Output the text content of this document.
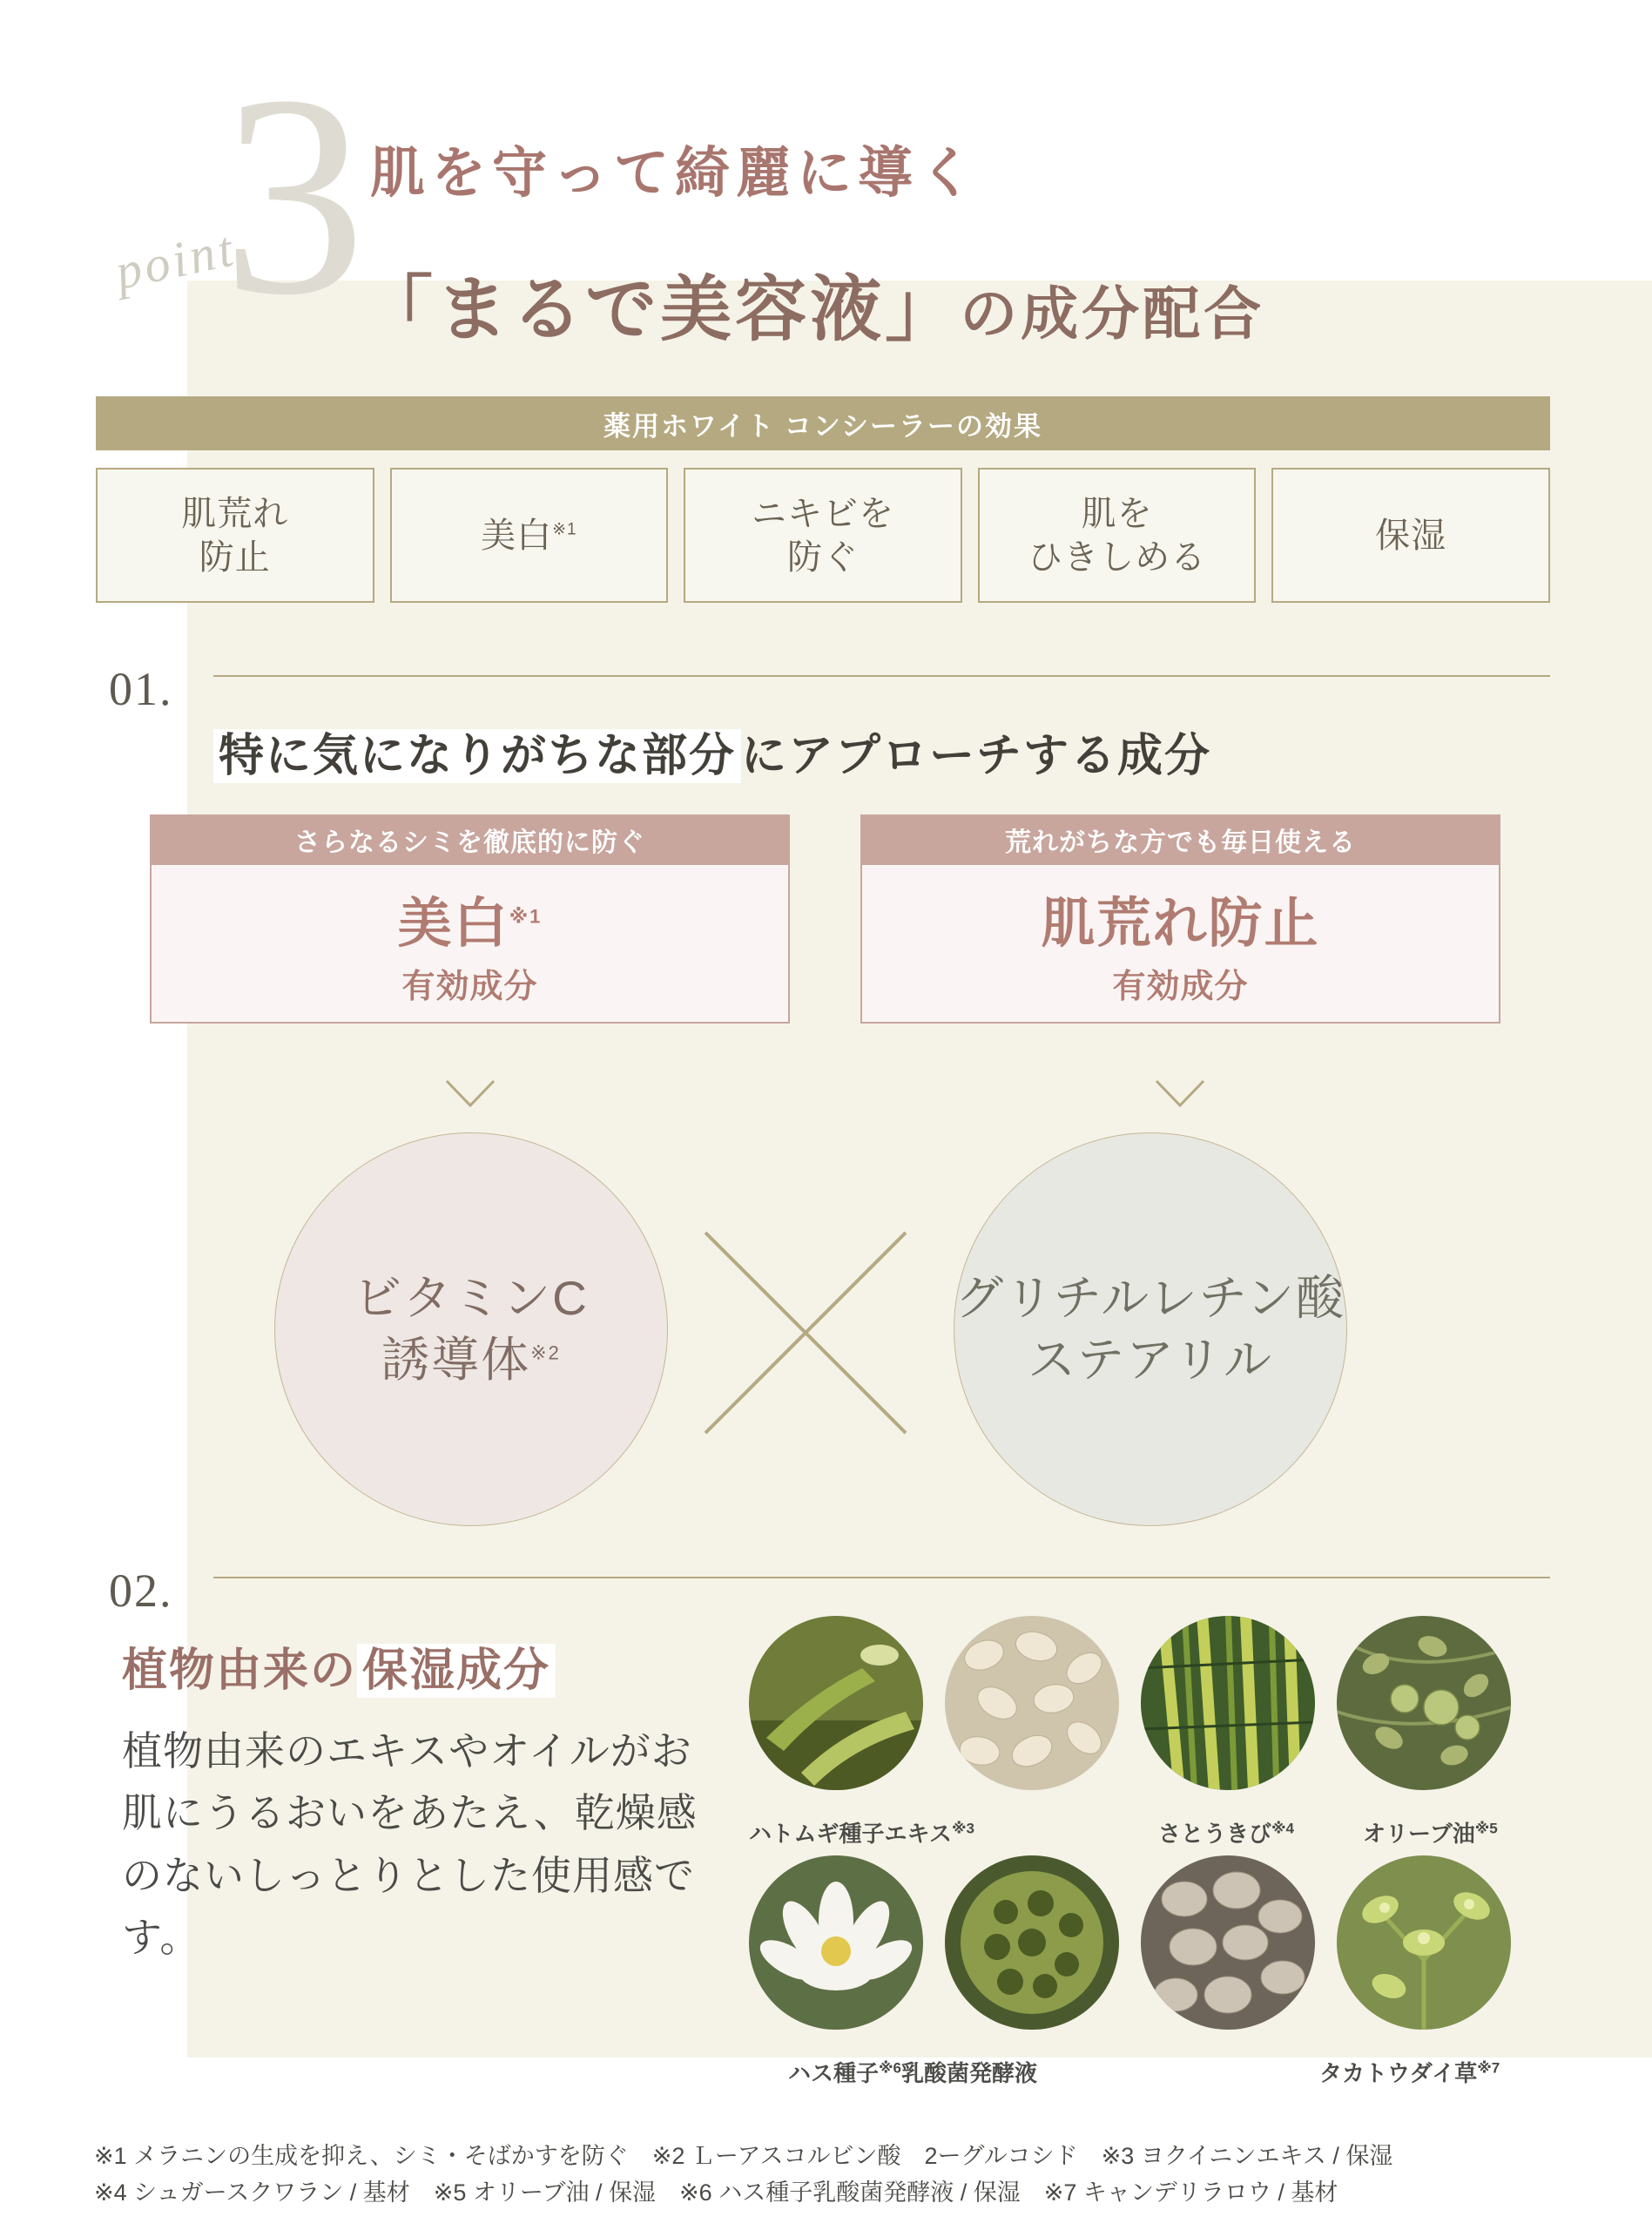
point
3 肌を守って綺麗に導く
「まるで美容液」の成分配合
薬用ホワイト コンシーラーの効果
肌荒れ
防止
美白$^{※1}$	ニキビを
防ぐ
肌を
ひきしめる
保湿
01.
特に気になりがちな部分 にアプローチする成分
さらなるシミを徹底的に防ぐ
美白$^{※1}$
有効成分
荒れがちな方でも毎日使える
肌荒れ防止
有効成分
ビタミンC
誘導体$^{※2}$
グリチルレチン酸
ステアリル
02.
植物由来の 保湿成分
植物由来のエキスやオイルがお肌にうるおいをあたえ、乾燥感のないしっとりとした使用感です。
ハトムギ種子エキス$^{※3}$	さとうきび$^{※4}$	オリーブ油$^{※5}$
ハス種子$^{※6}$乳酸菌発酵液	タカトウダイ草$^{※7}$
※1 メラニンの生成を抑え、シミ・そばかすを防ぐ　※2 Ｌーアスコルビン酸　2ーグルコシド　※3 ヨクイニンエキス / 保湿
※4 シュガースクワラン / 基材　※5 オリーブ油 / 保湿　※6 ハス種子乳酸菌発酵液 / 保湿　※7 キャンデリラロウ / 基材
